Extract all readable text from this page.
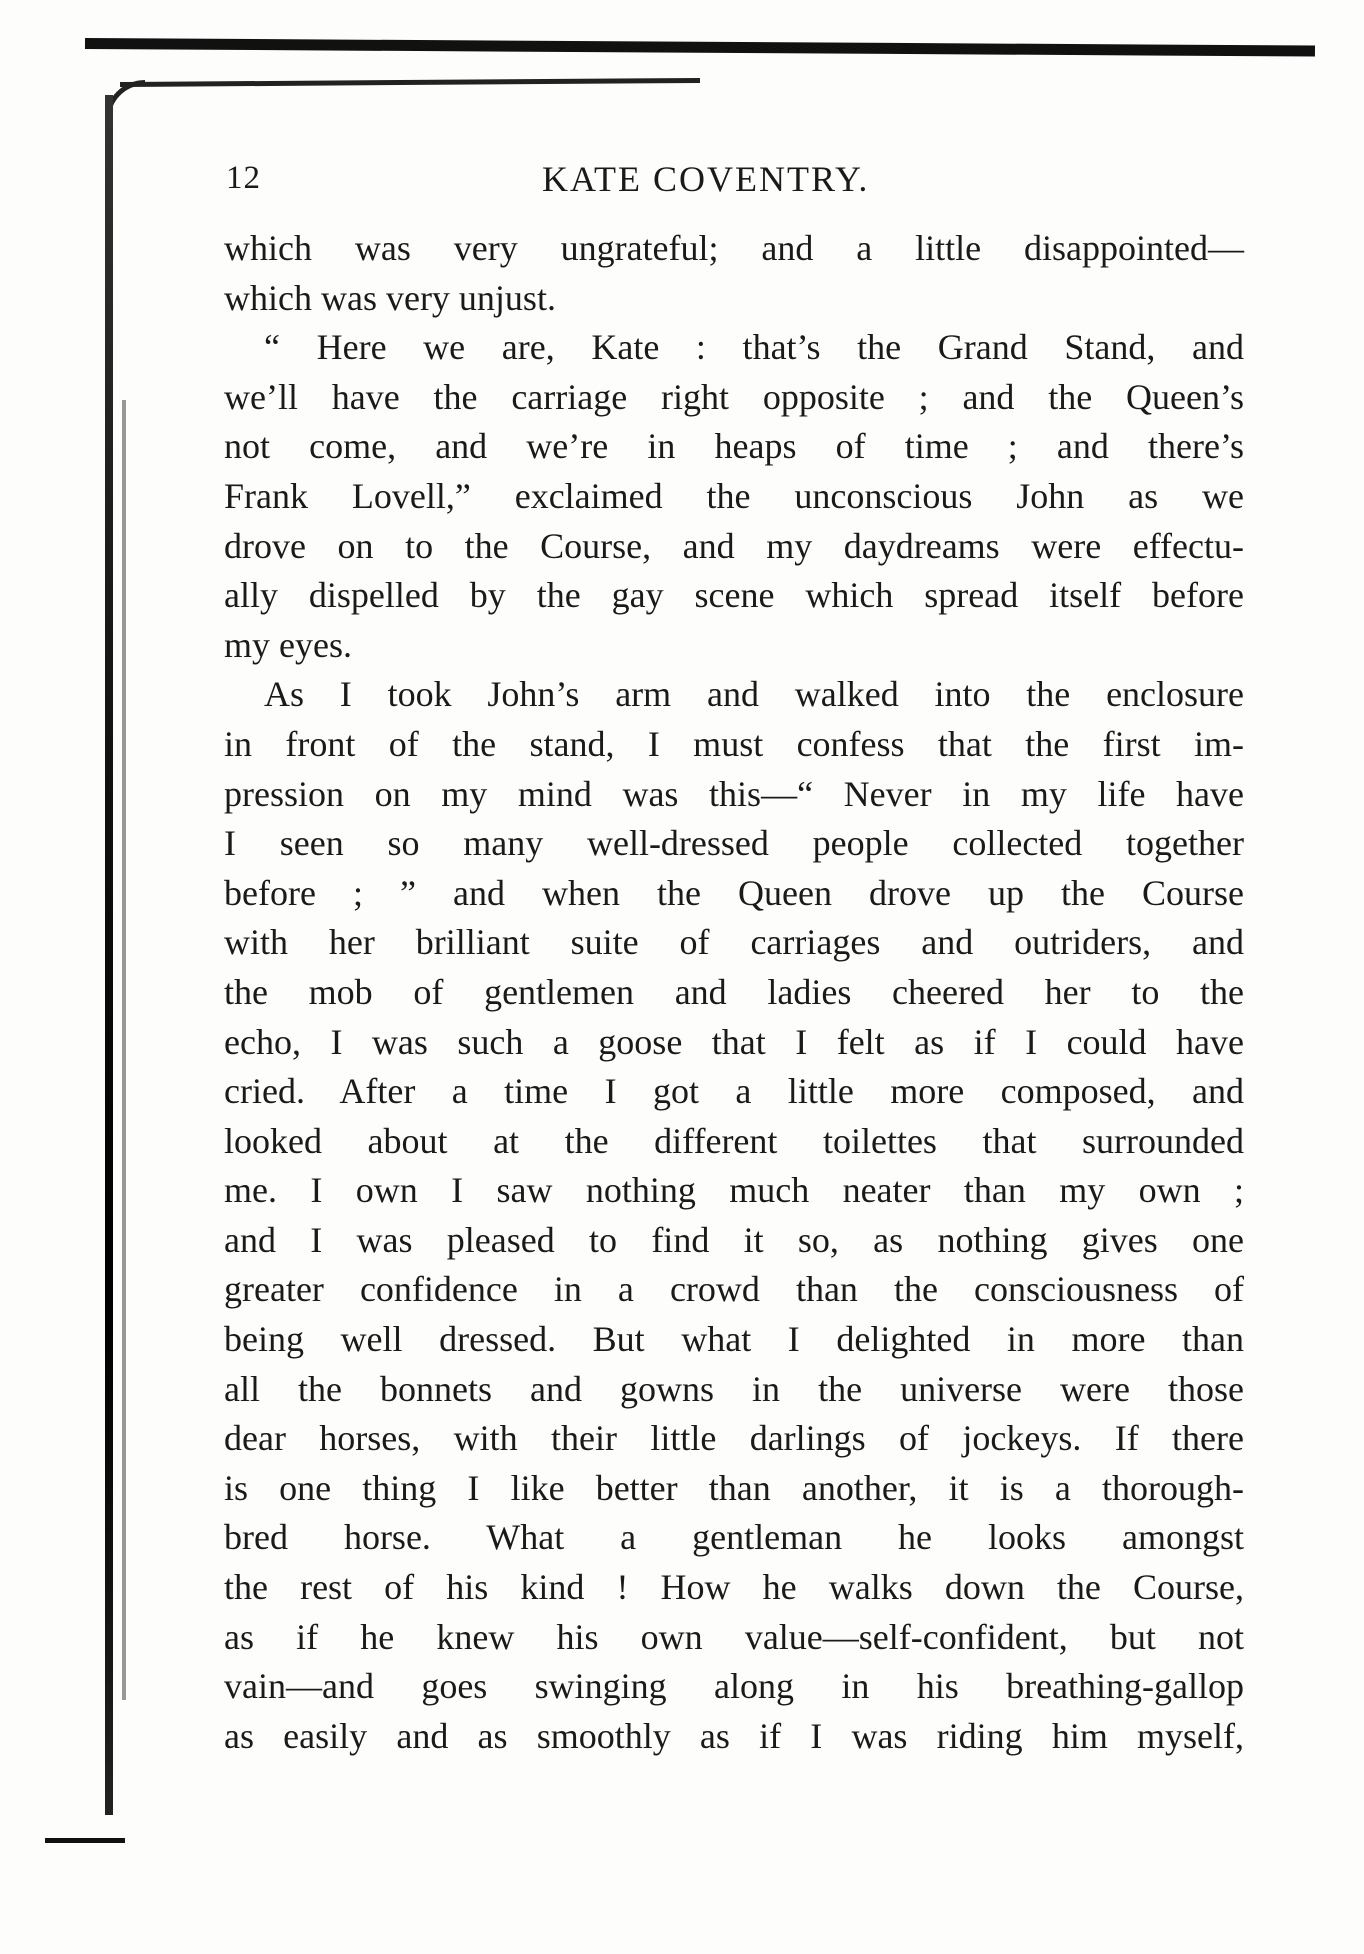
12	KATE COVENTRY.
which was very ungrateful; and a little disappointed—
which was very unjust.
“ Here we are, Kate : that’s the Grand Stand, and
we’ll have the carriage right opposite ; and the Queen’s
not come, and we’re in heaps of time ; and there’s
Frank Lovell,” exclaimed the unconscious John as we
drove on to the Course, and my daydreams were effectu-
ally dispelled by the gay scene which spread itself before
my eyes.
As I took John’s arm and walked into the enclosure
in front of the stand, I must confess that the first im-
pression on my mind was this—“ Never in my life have
I seen so many well-dressed people collected together
before ; ” and when the Queen drove up the Course
with her brilliant suite of carriages and outriders, and
the mob of gentlemen and ladies cheered her to the
echo, I was such a goose that I felt as if I could have
cried. After a time I got a little more composed, and
looked about at the different toilettes that surrounded
me. I own I saw nothing much neater than my own ;
and I was pleased to find it so, as nothing gives one
greater confidence in a crowd than the consciousness of
being well dressed. But what I delighted in more than
all the bonnets and gowns in the universe were those
dear horses, with their little darlings of jockeys. If there
is one thing I like better than another, it is a thorough-
bred horse. What a gentleman he looks amongst
the rest of his kind ! How he walks down the Course,
as if he knew his own value—self-confident, but not
vain—and goes swinging along in his breathing-gallop
as easily and as smoothly as if I was riding him myself,
